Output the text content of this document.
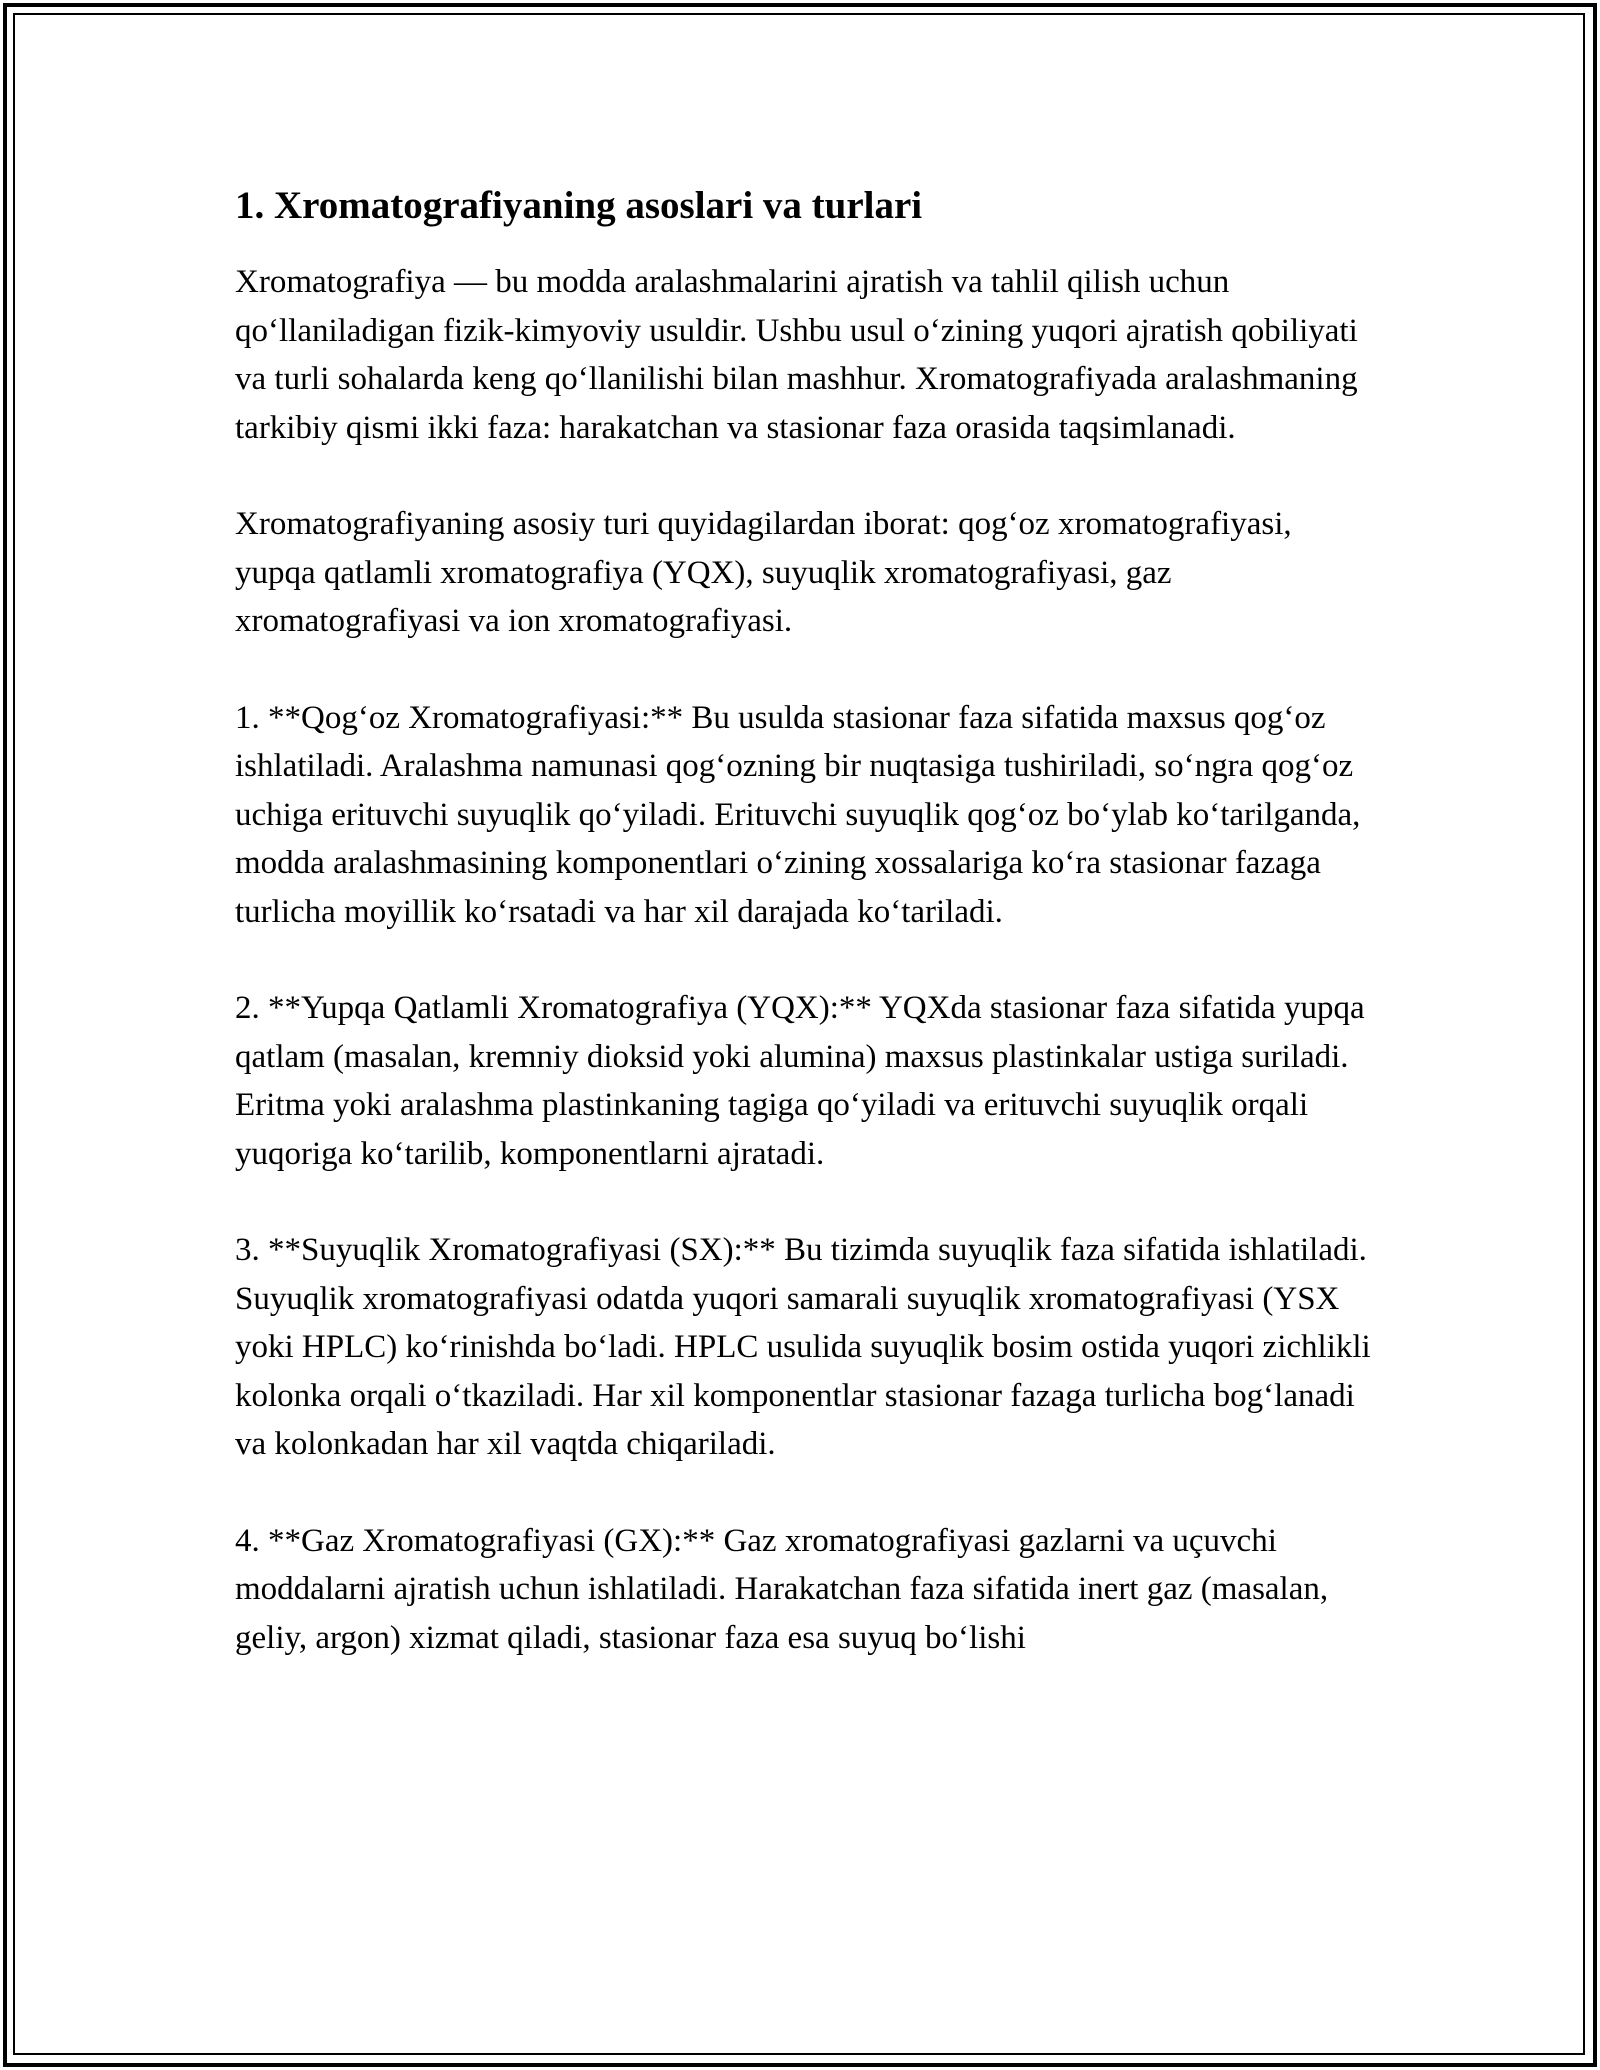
1. Xromatografiyaning asoslari va turlari

Xromatografiya — bu modda aralashmalarini ajratish va tahlil qilish uchun qo‘llaniladigan fizik-kimyoviy usuldir. Ushbu usul o‘zining yuqori ajratish qobiliyati va turli sohalarda keng qo‘llanilishi bilan mashhur. Xromatografiyada aralashmaning tarkibiy qismi ikki faza: harakatchan va stasionar faza orasida taqsimlanadi.

Xromatografiyaning asosiy turi quyidagilardan iborat: qog‘oz xromatografiyasi, yupqa qatlamli xromatografiya (YQX), suyuqlik xromatografiyasi, gaz xromatografiyasi va ion xromatografiyasi.

1. **Qog‘oz Xromatografiyasi:** Bu usulda stasionar faza sifatida maxsus qog‘oz ishlatiladi. Aralashma namunasi qog‘ozning bir nuqtasiga tushiriladi, so‘ngra qog‘oz uchiga erituvchi suyuqlik qo‘yiladi. Erituvchi suyuqlik qog‘oz bo‘ylab ko‘tarilganda, modda aralashmasining komponentlari o‘zining xossalariga ko‘ra stasionar fazaga turlicha moyillik ko‘rsatadi va har xil darajada ko‘tariladi.

2. **Yupqa Qatlamli Xromatografiya (YQX):** YQXda stasionar faza sifatida yupqa qatlam (masalan, kremniy dioksid yoki alumina) maxsus plastinkalar ustiga suriladi. Eritma yoki aralashma plastinkaning tagiga qo‘yiladi va erituvchi suyuqlik orqali yuqoriga ko‘tarilib, komponentlarni ajratadi.

3. **Suyuqlik Xromatografiyasi (SX):** Bu tizimda suyuqlik faza sifatida ishlatiladi. Suyuqlik xromatografiyasi odatda yuqori samarali suyuqlik xromatografiyasi (YSX yoki HPLC) ko‘rinishda bo‘ladi. HPLC usulida suyuqlik bosim ostida yuqori zichlikli kolonka orqali o‘tkaziladi. Har xil komponentlar stasionar fazaga turlicha bog‘lanadi va kolonkadan har xil vaqtda chiqariladi.

4. **Gaz Xromatografiyasi (GX):** Gaz xromatografiyasi gazlarni va uçuvchi moddalarni ajratish uchun ishlatiladi. Harakatchan faza sifatida inert gaz (masalan, geliy, argon) xizmat qiladi, stasionar faza esa suyuq bo‘lishi
